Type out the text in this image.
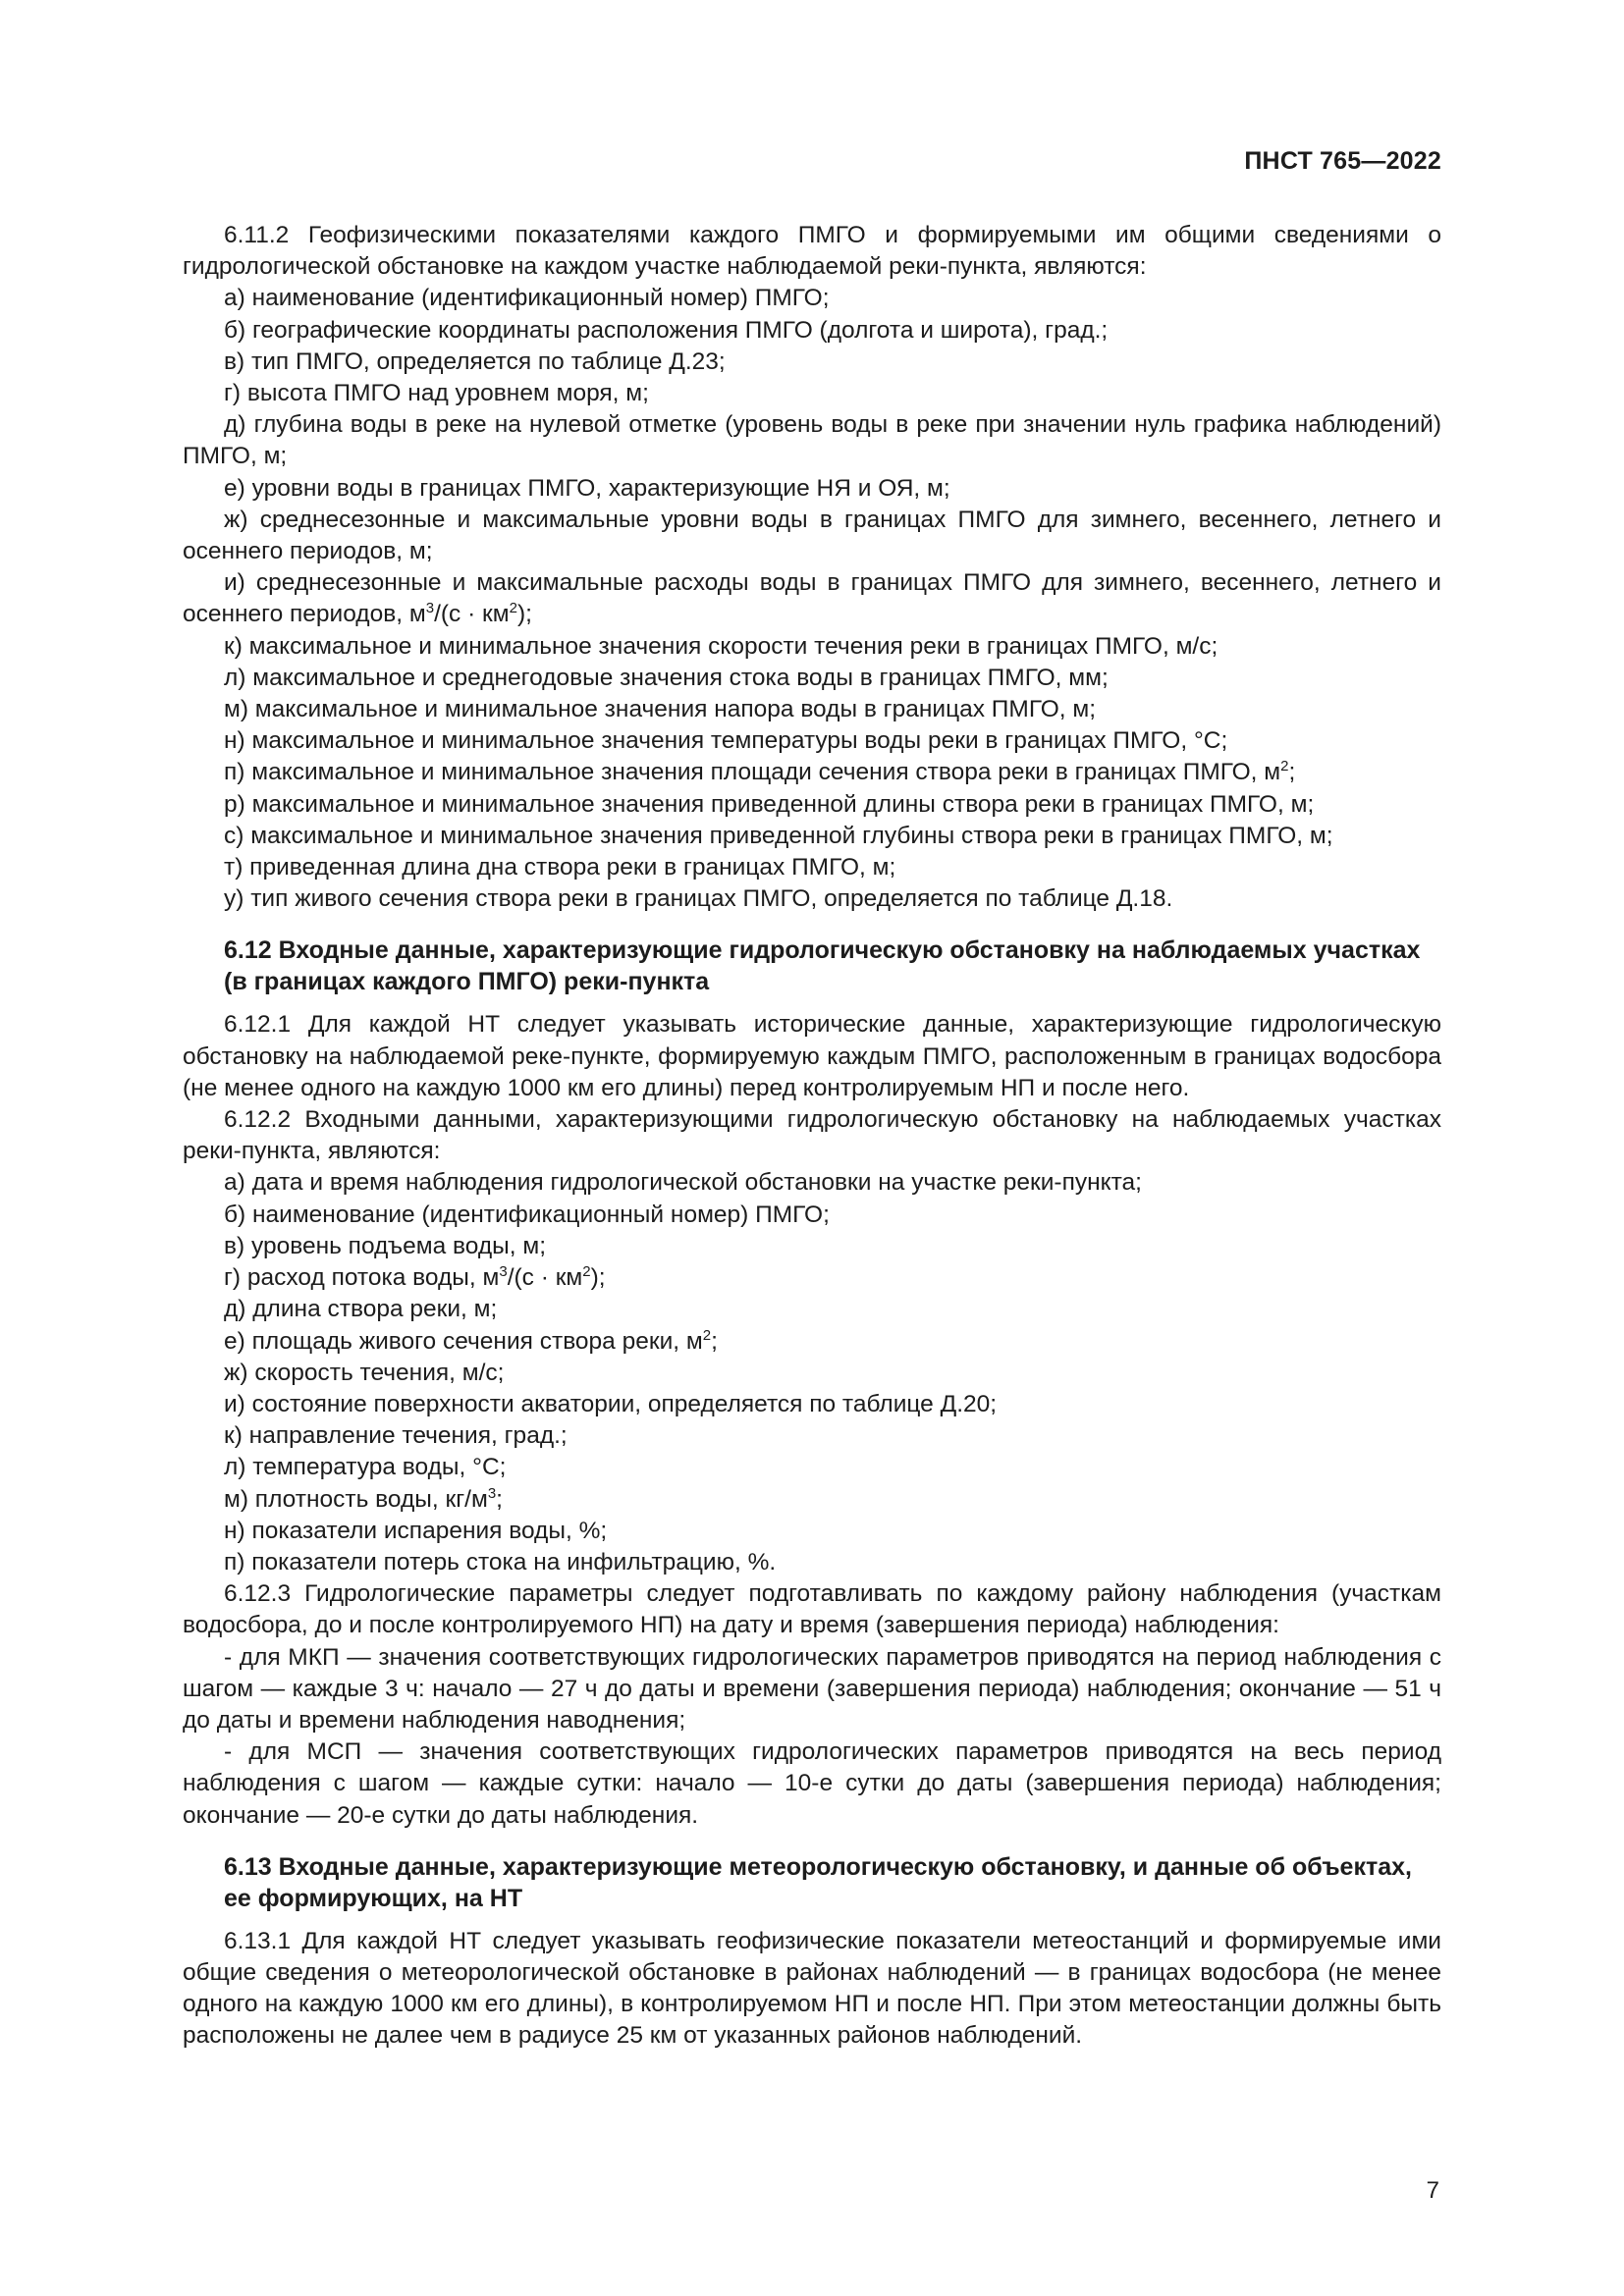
ПНСТ 765—2022

6.11.2 Геофизическими показателями каждого ПМГО и формируемыми им общими сведениями о гидрологической обстановке на каждом участке наблюдаемой реки-пункта, являются:

а) наименование (идентификационный номер) ПМГО;

б) географические координаты расположения ПМГО (долгота и широта), град.;

в) тип ПМГО, определяется по таблице Д.23;

г) высота ПМГО над уровнем моря, м;

д) глубина воды в реке на нулевой отметке (уровень воды в реке при значении нуль графика наблюдений) ПМГО, м;

е) уровни воды в границах ПМГО, характеризующие НЯ и ОЯ, м;

ж) среднесезонные и максимальные уровни воды в границах ПМГО для зимнего, весеннего, летнего и осеннего периодов, м;

и) среднесезонные и максимальные расходы воды в границах ПМГО для зимнего, весеннего, летнего и осеннего периодов, $м^3/(с \cdot км^2)$;

к) максимальное и минимальное значения скорости течения реки в границах ПМГО, м/с;

л) максимальное и среднегодовые значения стока воды в границах ПМГО, мм;

м) максимальное и минимальное значения напора воды в границах ПМГО, м;

н) максимальное и минимальное значения температуры воды реки в границах ПМГО, °С;

п) максимальное и минимальное значения площади сечения створа реки в границах ПМГО, $м^2$;

р) максимальное и минимальное значения приведенной длины створа реки в границах ПМГО, м;

с) максимальное и минимальное значения приведенной глубины створа реки в границах ПМГО, м;

т) приведенная длина дна створа реки в границах ПМГО, м;

у) тип живого сечения створа реки в границах ПМГО, определяется по таблице Д.18.

6.12 Входные данные, характеризующие гидрологическую обстановку на наблюдаемых участках (в границах каждого ПМГО) реки-пункта

6.12.1 Для каждой НТ следует указывать исторические данные, характеризующие гидрологическую обстановку на наблюдаемой реке-пункте, формируемую каждым ПМГО, расположенным в границах водосбора (не менее одного на каждую 1000 км его длины) перед контролируемым НП и после него.

6.12.2 Входными данными, характеризующими гидрологическую обстановку на наблюдаемых участках реки-пункта, являются:

а) дата и время наблюдения гидрологической обстановки на участке реки-пункта;

б) наименование (идентификационный номер) ПМГО;

в) уровень подъема воды, м;

г) расход потока воды, $м^3/(с \cdot км^2)$;

д) длина створа реки, м;

е) площадь живого сечения створа реки, $м^2$;

ж) скорость течения, м/с;

и) состояние поверхности акватории, определяется по таблице Д.20;

к) направление течения, град.;

л) температура воды, °С;

м) плотность воды, $кг/м^3$;

н) показатели испарения воды, %;

п) показатели потерь стока на инфильтрацию, %.

6.12.3 Гидрологические параметры следует подготавливать по каждому району наблюдения (участкам водосбора, до и после контролируемого НП) на дату и время (завершения периода) наблюдения:

- для МКП — значения соответствующих гидрологических параметров приводятся на период наблюдения с шагом — каждые 3 ч: начало — 27 ч до даты и времени (завершения периода) наблюдения; окончание — 51 ч до даты и времени наблюдения наводнения;

- для МСП — значения соответствующих гидрологических параметров приводятся на весь период наблюдения с шагом — каждые сутки: начало — 10-е сутки до даты (завершения периода) наблюдения; окончание — 20-е сутки до даты наблюдения.

6.13 Входные данные, характеризующие метеорологическую обстановку, и данные об объектах, ее формирующих, на НТ

6.13.1 Для каждой НТ следует указывать геофизические показатели метеостанций и формируемые ими общие сведения о метеорологической обстановке в районах наблюдений — в границах водосбора (не менее одного на каждую 1000 км его длины), в контролируемом НП и после НП. При этом метеостанции должны быть расположены не далее чем в радиусе 25 км от указанных районов наблюдений.

7
